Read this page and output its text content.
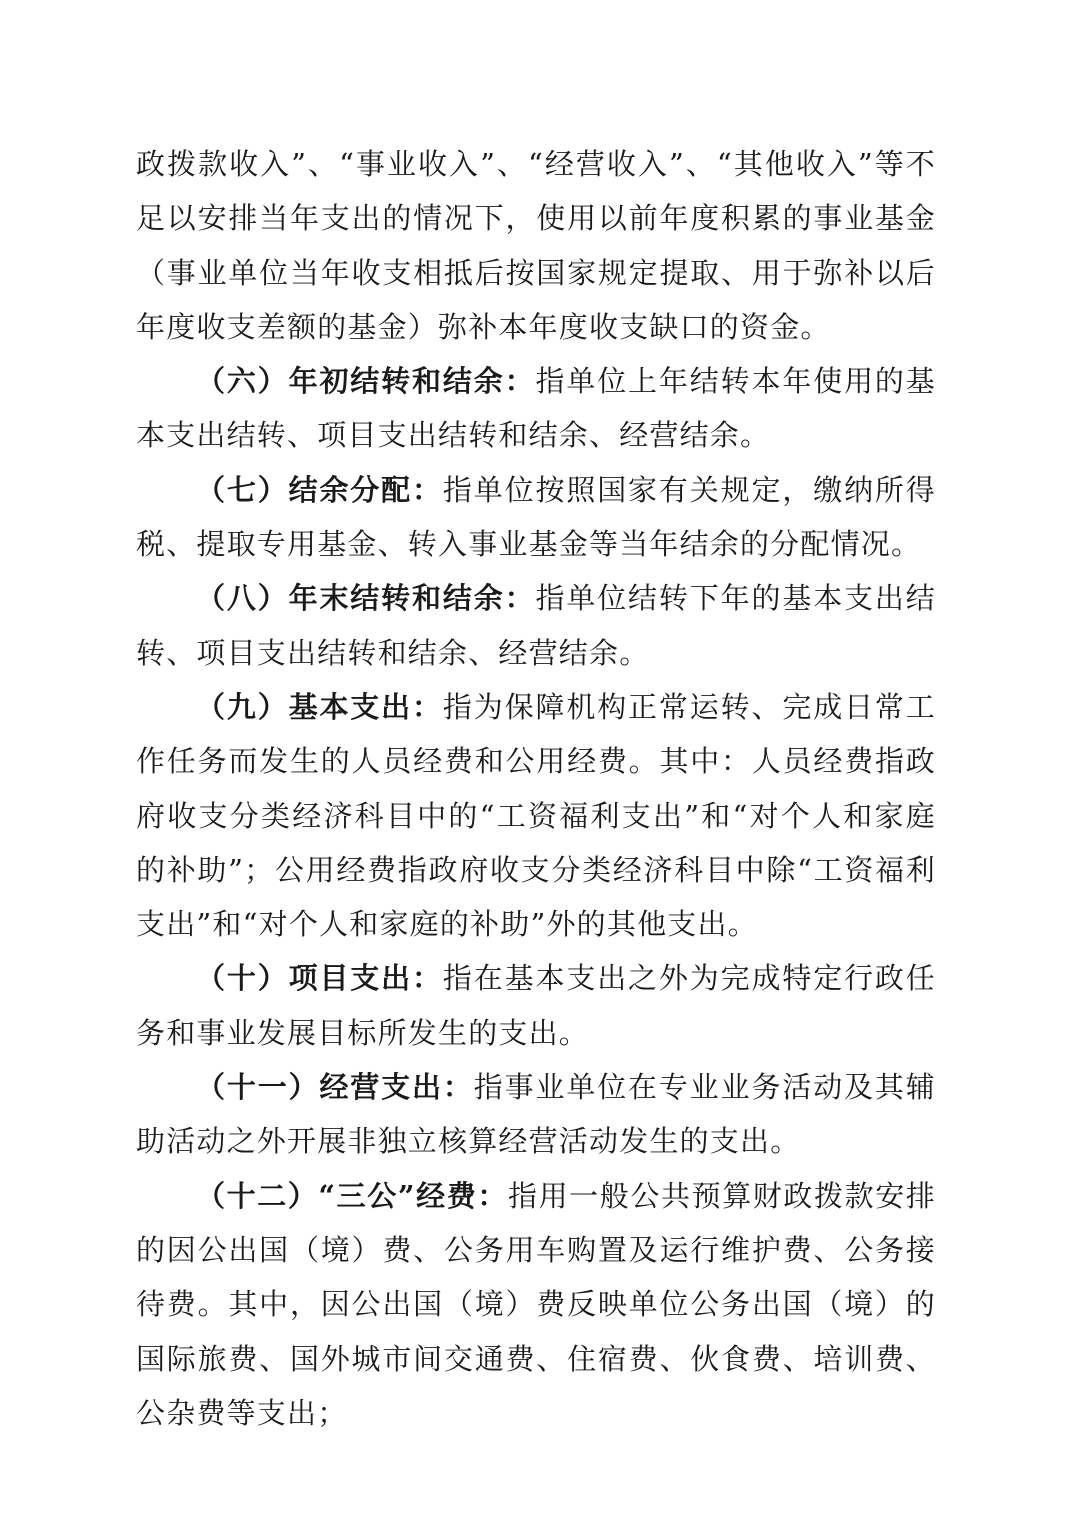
政拨款收入”、“事业收入”、“经营收入”、“其他收入”等不足以安排当年支出的情况下，使用以前年度积累的事业基金（事业单位当年收支相抵后按国家规定提取、用于弥补以后年度收支差额的基金）弥补本年度收支缺口的资金。

（六）年初结转和结余：指单位上年结转本年使用的基本支出结转、项目支出结转和结余、经营结余。

（七）结余分配：指单位按照国家有关规定，缴纳所得税、提取专用基金、转入事业基金等当年结余的分配情况。

（八）年末结转和结余：指单位结转下年的基本支出结转、项目支出结转和结余、经营结余。

（九）基本支出：指为保障机构正常运转、完成日常工作任务而发生的人员经费和公用经费。其中：人员经费指政府收支分类经济科目中的“工资福利支出”和“对个人和家庭的补助”；公用经费指政府收支分类经济科目中除“工资福利支出”和“对个人和家庭的补助”外的其他支出。

（十）项目支出：指在基本支出之外为完成特定行政任务和事业发展目标所发生的支出。

（十一）经营支出：指事业单位在专业业务活动及其辅助活动之外开展非独立核算经营活动发生的支出。

（十二）“三公”经费：指用一般公共预算财政拨款安排的因公出国（境）费、公务用车购置及运行维护费、公务接待费。其中，因公出国（境）费反映单位公务出国（境）的国际旅费、国外城市间交通费、住宿费、伙食费、培训费、公杂费等支出；
